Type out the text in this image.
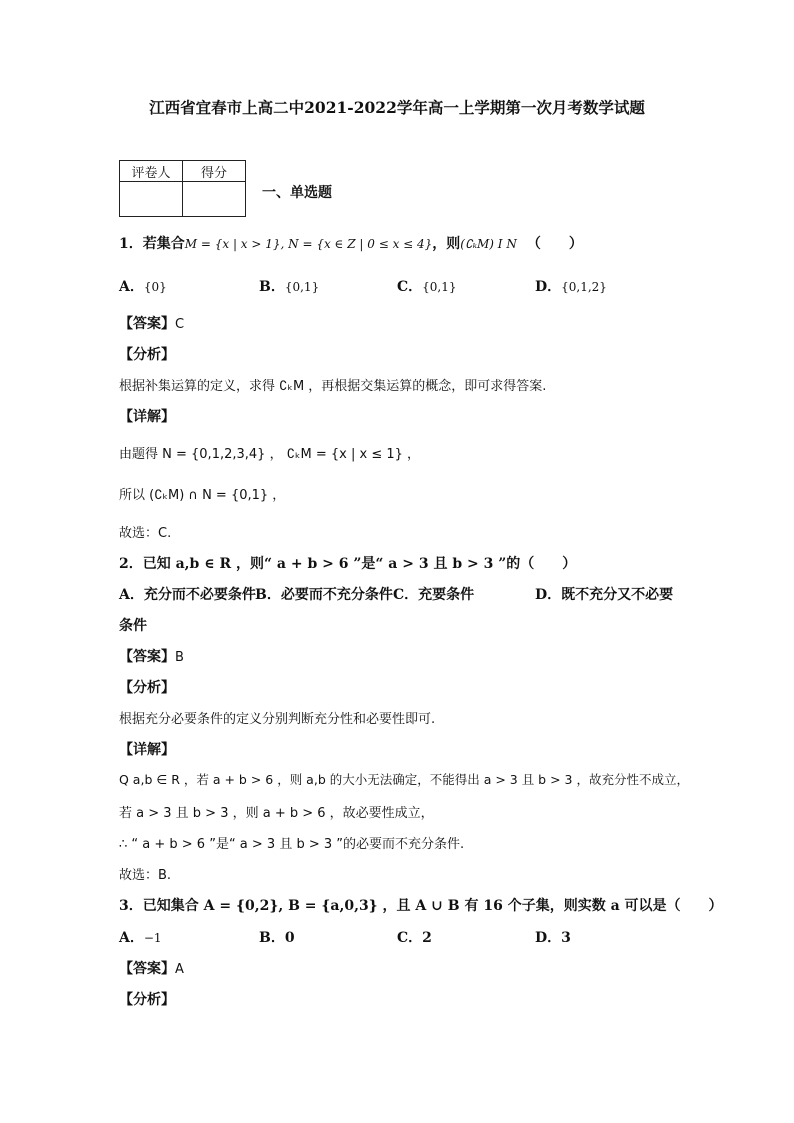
江西省宜春市上高二中2021-2022学年高一上学期第一次月考数学试题
评卷人	得分

一、单选题
1．若集合M = {x | x > 1}, N = {x ∈ Z | 0 ≤ x ≤ 4}，则(∁ₖM) I N （　　）
A．{0}	B．{0,1}	C．{0,1}	D．{0,1,2}
【答案】C
【分析】
根据补集运算的定义，求得 ∁ₖM ，再根据交集运算的概念，即可求得答案.
【详解】
由题得 N = {0,1,2,3,4} ， ∁ₖM = {x | x ≤ 1} ，
所以 (∁ₖM) ∩ N = {0,1} ，
故选：C.
2．已知 a,b ∈ R ，则“ a + b > 6 ”是“ a > 3 且 b > 3 ”的（　　）
A．充分而不必要条件 B．必要而不充分条件 C．充要条件	D．既不充分又不必要
条件
【答案】B
【分析】
根据充分必要条件的定义分别判断充分性和必要性即可.
【详解】
Q a,b ∈ R ，若 a + b > 6 ，则 a,b 的大小无法确定，不能得出 a > 3 且 b > 3 ，故充分性不成立，
若 a > 3 且 b > 3 ，则 a + b > 6 ，故必要性成立，
∴ “ a + b > 6 ”是“ a > 3 且 b > 3 ”的必要而不充分条件.
故选：B.
3．已知集合 A = {0,2}, B = {a,0,3} ，且 A ∪ B 有 16 个子集，则实数 a 可以是（　　）
A．−1	B．0	C．2	D．3
【答案】A
【分析】
